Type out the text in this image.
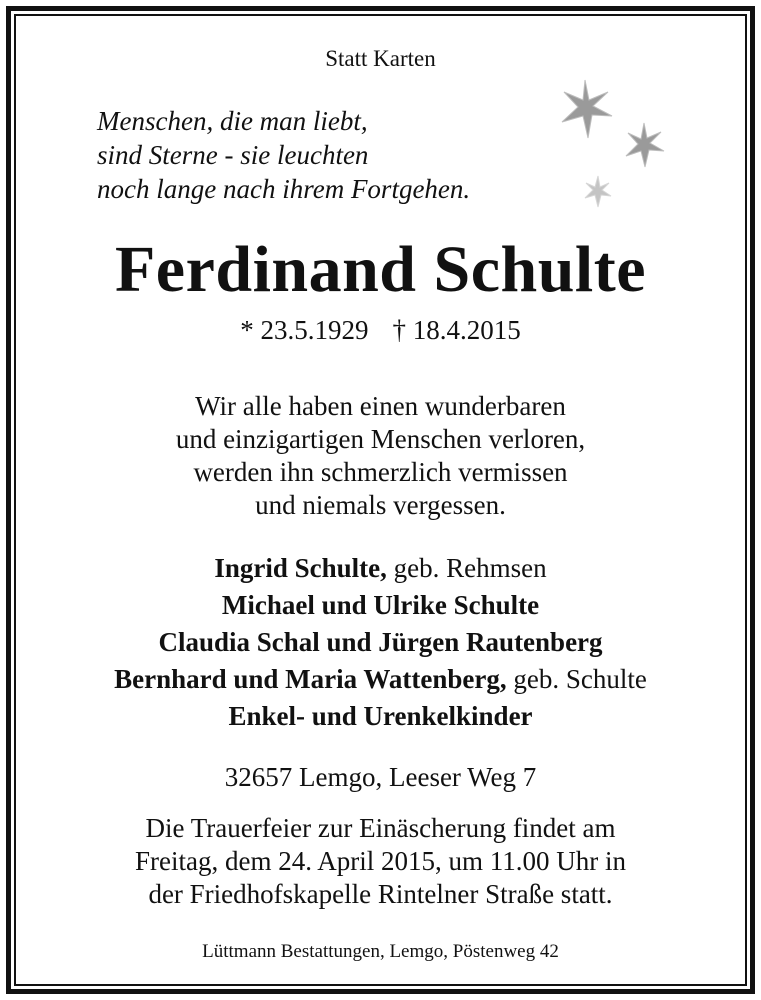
Statt Karten

Menschen, die man liebt,
sind Sterne - sie leuchten
noch lange nach ihrem Fortgehen.
Ferdinand Schulte

* 23.5.1929 † 18.4.2015

Wir alle haben einen wunderbaren
und einzigartigen Menschen verloren,
werden ihn schmerzlich vermissen
und niemals vergessen.
Ingrid Schulte, geb. Rehmsen
Michael und Ulrike Schulte
Claudia Schal und Jürgen Rautenberg
Bernhard und Maria Wattenberg, geb. Schulte
Enkel- und Urenkelkinder

32657 Lemgo, Leeser Weg 7

Die Trauerfeier zur Einäscherung findet am
Freitag, dem 24. April 2015, um 11.00 Uhr in
der Friedhofskapelle Rintelner Straße statt.

Lüttmann Bestattungen, Lemgo, Pöstenweg 42
